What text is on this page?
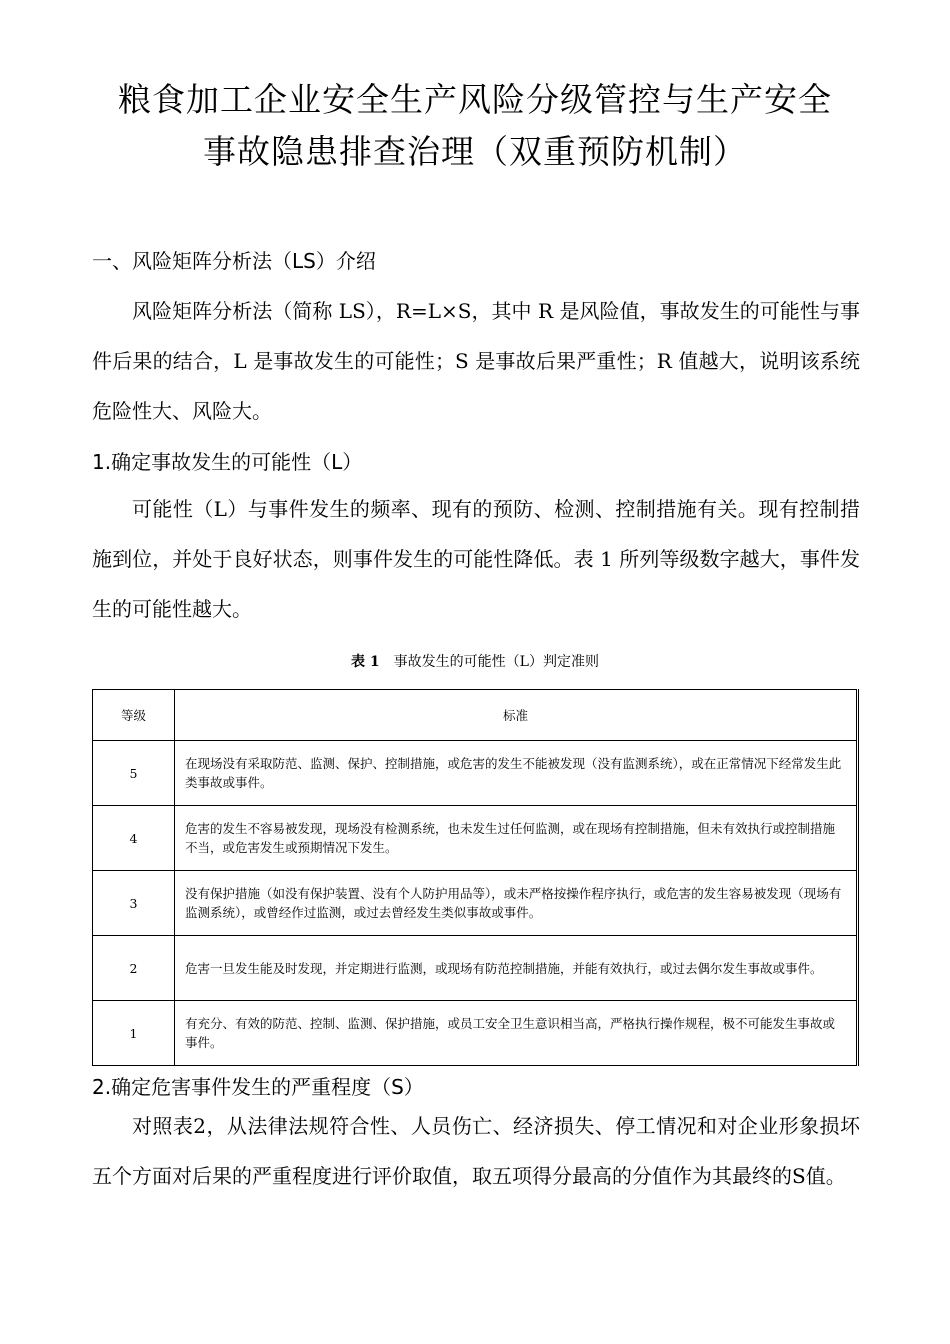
粮食加工企业安全生产风险分级管控与生产安全
事故隐患排查治理（双重预防机制）
一、风险矩阵分析法（LS）介绍

风险矩阵分析法（简称 LS），R=L×S，其中 R 是风险值，事故发生的可能性与事件后果的结合，L 是事故发生的可能性；S 是事故后果严重性；R 值越大，说明该系统危险性大、风险大。

1.确定事故发生的可能性（L）

可能性（L）与事件发生的频率、现有的预防、检测、控制措施有关。现有控制措施到位，并处于良好状态，则事件发生的可能性降低。表 1 所列等级数字越大，事件发生的可能性越大。

表 1 事故发生的可能性（L）判定准则
等级	标准
5	在现场没有采取防范、监测、保护、控制措施，或危害的发生不能被发现（没有监测系统），或在正常情况下经常发生此类事故或事件。
4	危害的发生不容易被发现，现场没有检测系统，也未发生过任何监测，或在现场有控制措施，但未有效执行或控制措施不当，或危害发生或预期情况下发生。
3	没有保护措施（如没有保护装置、没有个人防护用品等），或未严格按操作程序执行，或危害的发生容易被发现（现场有监测系统），或曾经作过监测，或过去曾经发生类似事故或事件。
2	危害一旦发生能及时发现，并定期进行监测，或现场有防范控制措施，并能有效执行，或过去偶尔发生事故或事件。
1	有充分、有效的防范、控制、监测、保护措施，或员工安全卫生意识相当高，严格执行操作规程，极不可能发生事故或事件。
2.确定危害事件发生的严重程度（S）

对照表2，从法律法规符合性、人员伤亡、经济损失、停工情况和对企业形象损坏五个方面对后果的严重程度进行评价取值，取五项得分最高的分值作为其最终的S值。
